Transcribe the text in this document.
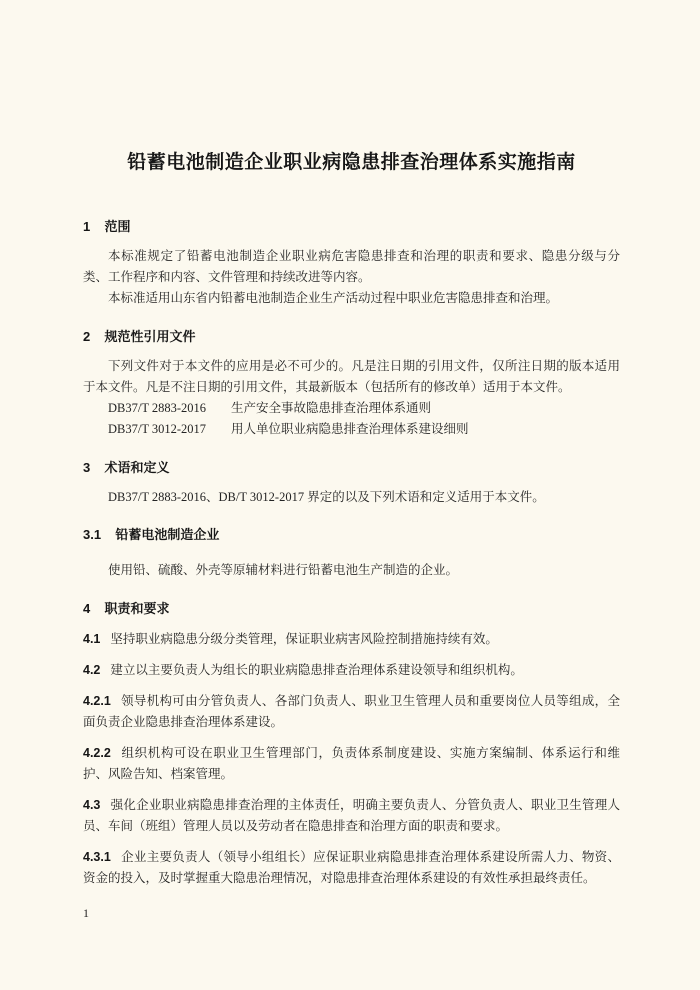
铅蓄电池制造企业职业病隐患排查治理体系实施指南
1 范围

本标准规定了铅蓄电池制造企业职业病危害隐患排查和治理的职责和要求、隐患分级与分类、工作程序和内容、文件管理和持续改进等内容。

本标准适用山东省内铅蓄电池制造企业生产活动过程中职业危害隐患排查和治理。

2 规范性引用文件

下列文件对于本文件的应用是必不可少的。凡是注日期的引用文件，仅所注日期的版本适用于本文件。凡是不注日期的引用文件，其最新版本（包括所有的修改单）适用于本文件。

DB37/T 2883-2016 生产安全事故隐患排查治理体系通则

DB37/T 3012-2017 用人单位职业病隐患排查治理体系建设细则

3 术语和定义

DB37/T 2883-2016、DB/T 3012-2017 界定的以及下列术语和定义适用于本文件。

3.1 铅蓄电池制造企业

使用铅、硫酸、外壳等原辅材料进行铅蓄电池生产制造的企业。

4 职责和要求

4.1 坚持职业病隐患分级分类管理，保证职业病害风险控制措施持续有效。

4.2 建立以主要负责人为组长的职业病隐患排查治理体系建设领导和组织机构。

4.2.1 领导机构可由分管负责人、各部门负责人、职业卫生管理人员和重要岗位人员等组成，全面负责企业隐患排查治理体系建设。

4.2.2 组织机构可设在职业卫生管理部门，负责体系制度建设、实施方案编制、体系运行和维护、风险告知、档案管理。

4.3 强化企业职业病隐患排查治理的主体责任，明确主要负责人、分管负责人、职业卫生管理人员、车间（班组）管理人员以及劳动者在隐患排查和治理方面的职责和要求。

4.3.1 企业主要负责人（领导小组组长）应保证职业病隐患排查治理体系建设所需人力、物资、资金的投入，及时掌握重大隐患治理情况，对隐患排查治理体系建设的有效性承担最终责任。

1
